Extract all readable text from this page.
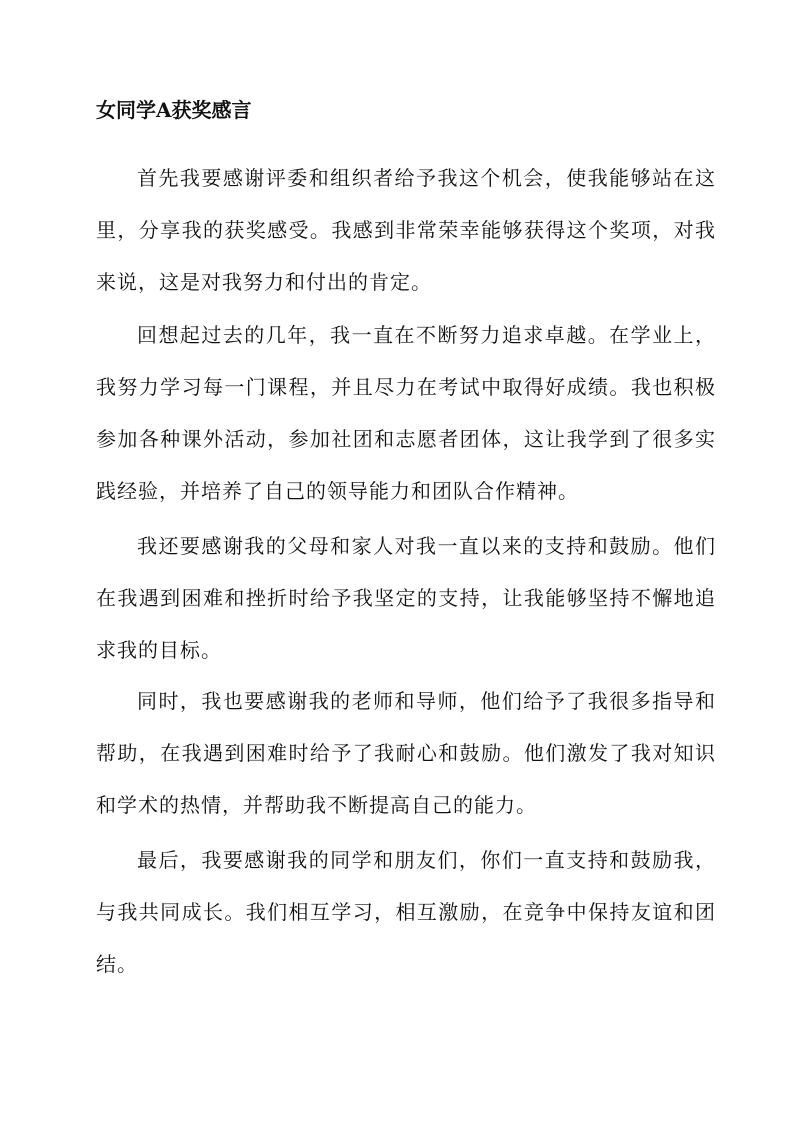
女同学A获奖感言

首先我要感谢评委和组织者给予我这个机会，使我能够站在这里，分享我的获奖感受。我感到非常荣幸能够获得这个奖项，对我来说，这是对我努力和付出的肯定。

回想起过去的几年，我一直在不断努力追求卓越。在学业上，我努力学习每一门课程，并且尽力在考试中取得好成绩。我也积极参加各种课外活动，参加社团和志愿者团体，这让我学到了很多实践经验，并培养了自己的领导能力和团队合作精神。

我还要感谢我的父母和家人对我一直以来的支持和鼓励。他们在我遇到困难和挫折时给予我坚定的支持，让我能够坚持不懈地追求我的目标。

同时，我也要感谢我的老师和导师，他们给予了我很多指导和帮助，在我遇到困难时给予了我耐心和鼓励。他们激发了我对知识和学术的热情，并帮助我不断提高自己的能力。

最后，我要感谢我的同学和朋友们，你们一直支持和鼓励我，与我共同成长。我们相互学习，相互激励，在竞争中保持友谊和团结。
